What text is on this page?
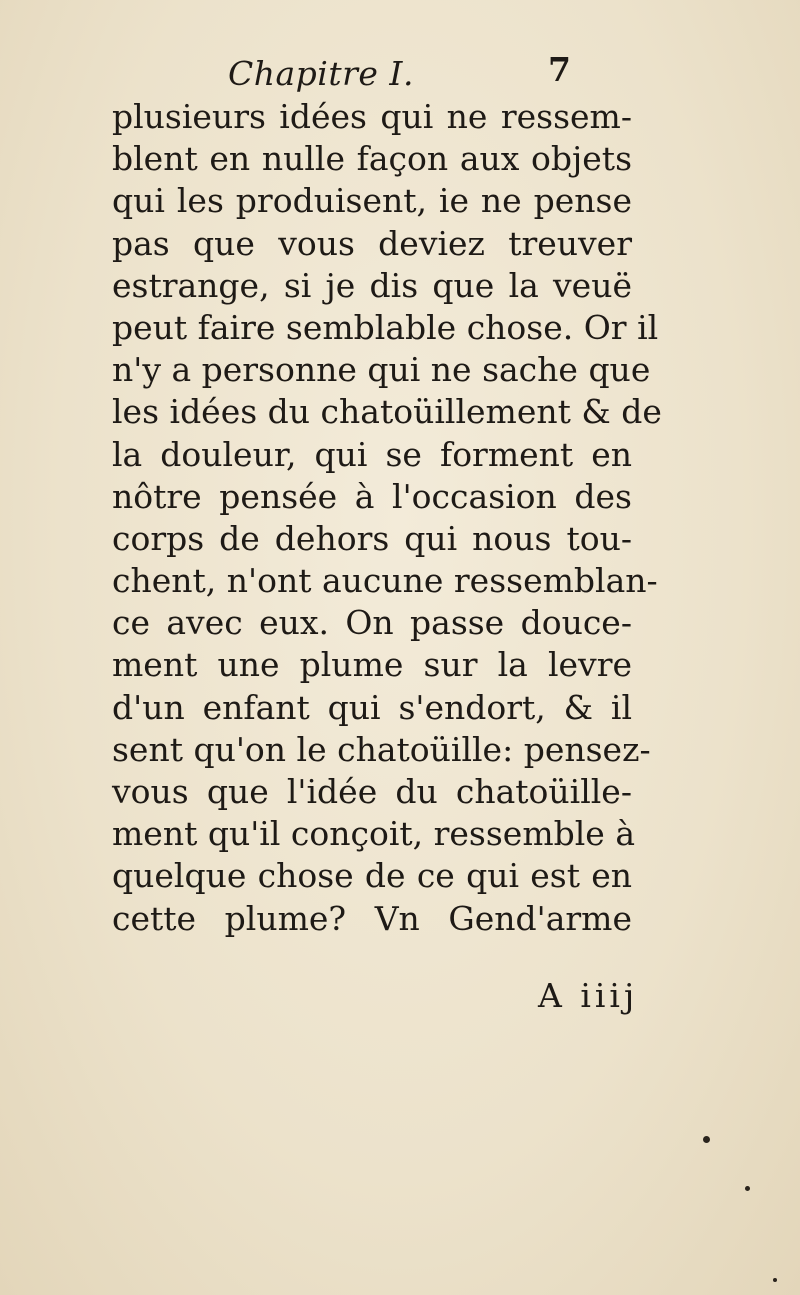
Chapitre I.	7
plusieurs idées qui ne ressem-
blent en nulle façon aux objets
qui les produisent, ie ne pense
pas que vous deviez treuver
estrange, si je dis que la veuë
peut faire semblable chose. Or il
n'y a personne qui ne sache que
les idées du chatoüillement & de
la douleur, qui se forment en
nôtre pensée à l'occasion des
corps de dehors qui nous tou-
chent, n'ont aucune ressemblan-
ce avec eux. On passe douce-
ment une plume sur la levre
d'un enfant qui s'endort, & il
sent qu'on le chatoüille: pensez-
vous que l'idée du chatoüille-
ment qu'il conçoit, ressemble à
quelque chose de ce qui est en
cette plume? Vn Gend'arme
A iiij
